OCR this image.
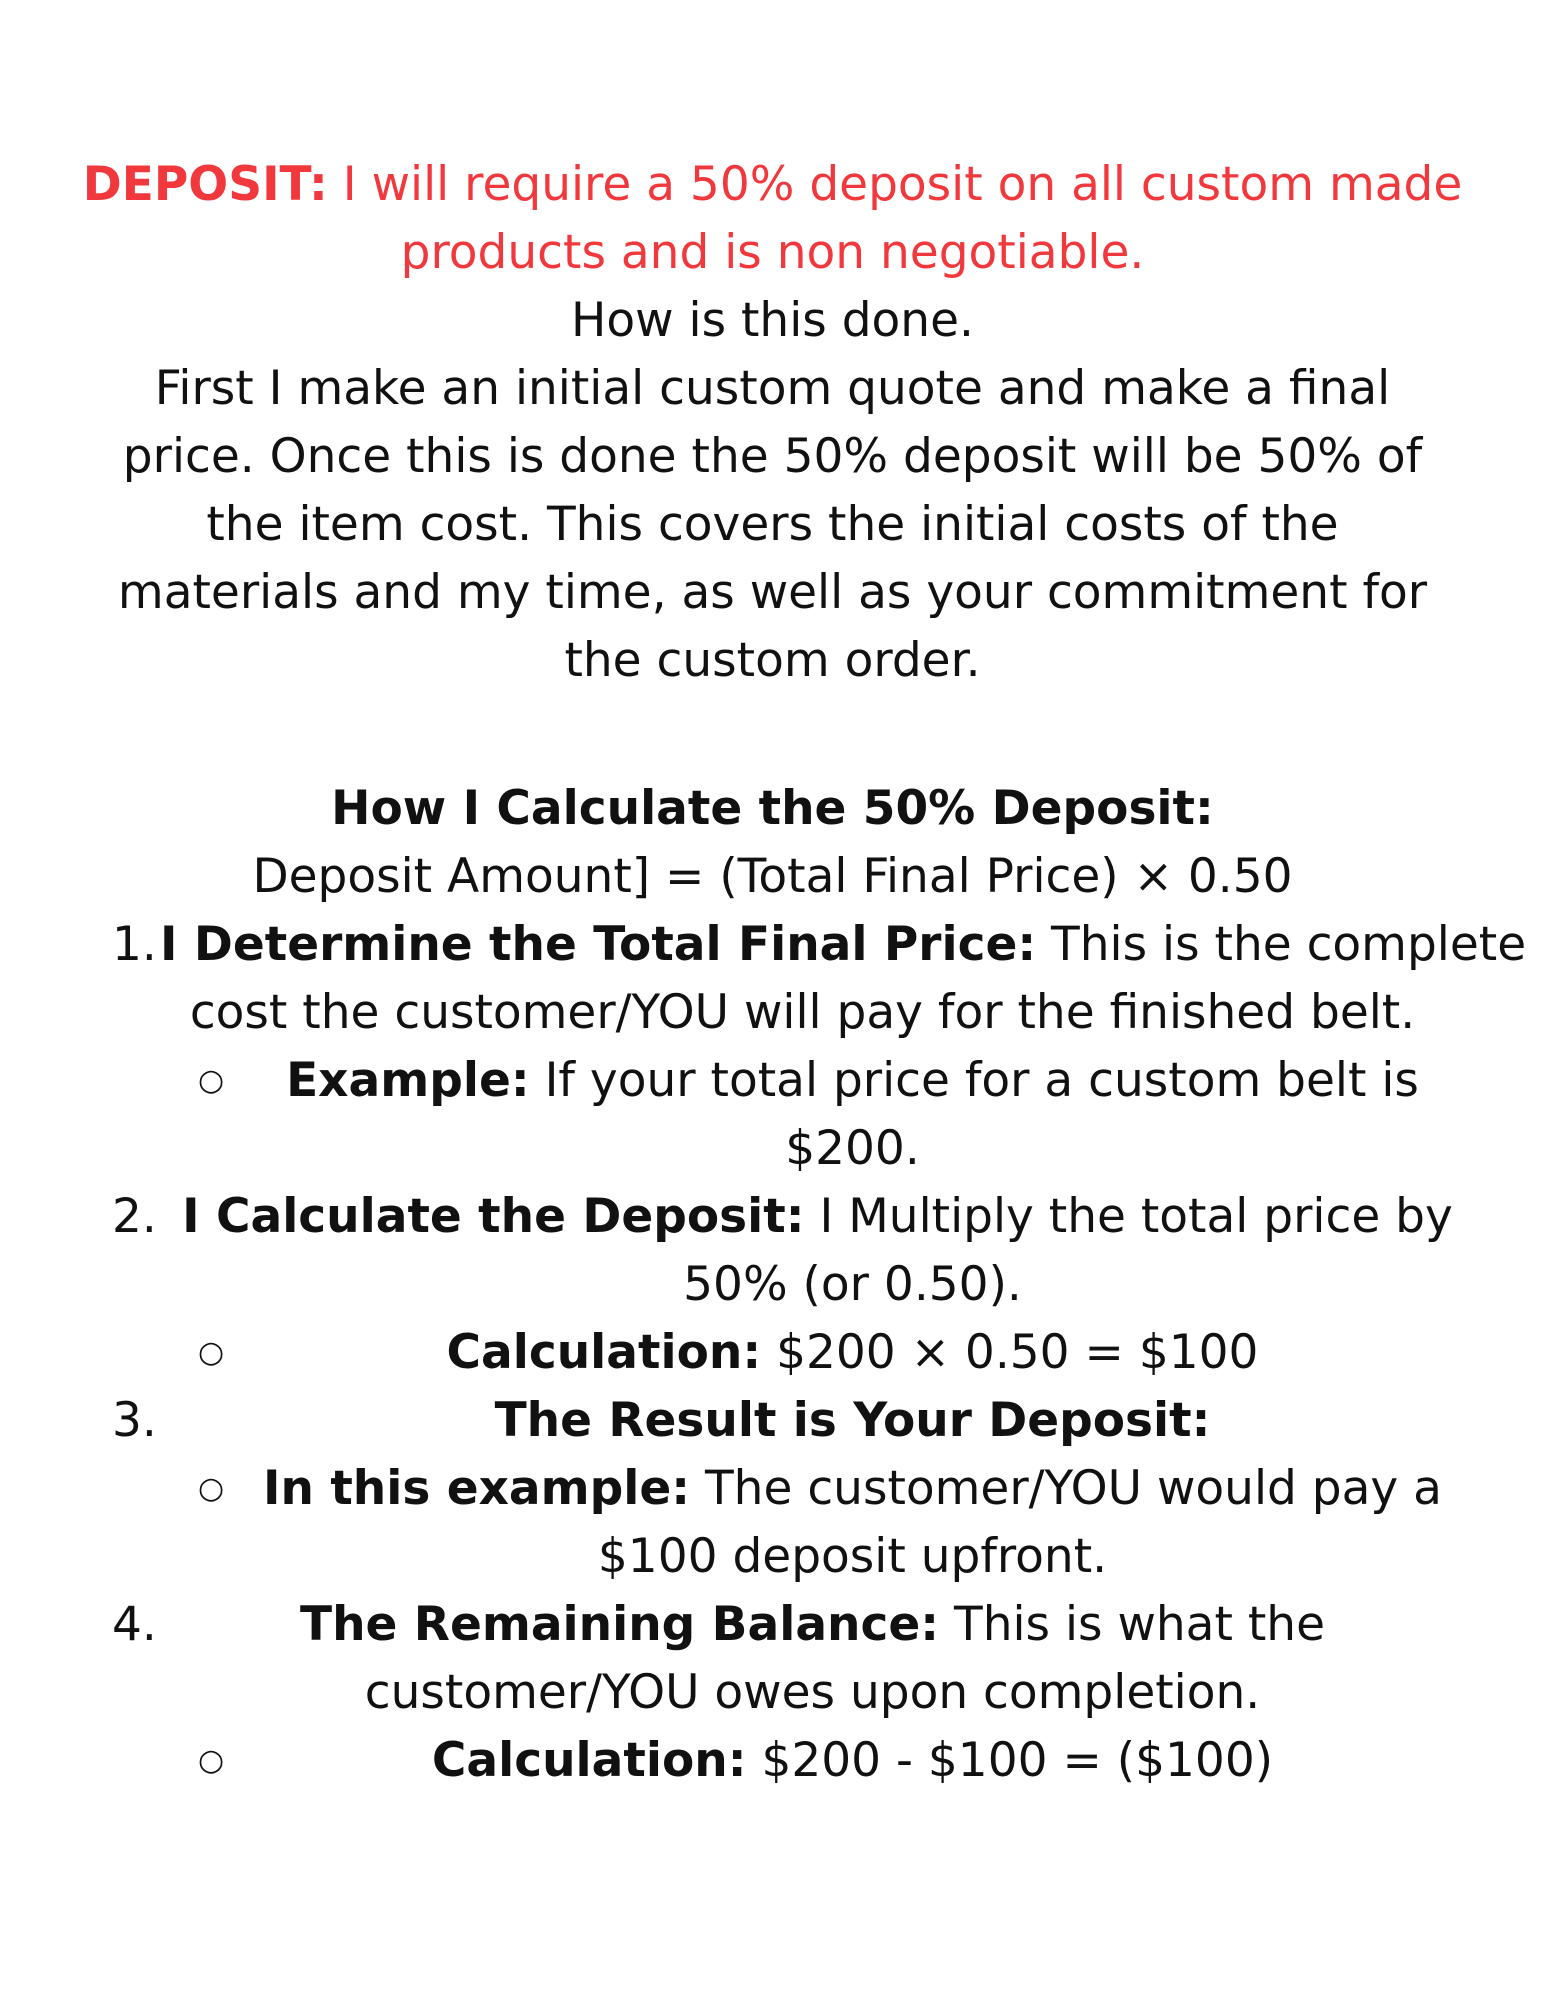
DEPOSIT: I will require a 50% deposit on all custom made
products and is non negotiable.
How is this done.
First I make an initial custom quote and make a final
price. Once this is done the 50% deposit will be 50% of
the item cost. This covers the initial costs of the
materials and my time, as well as your commitment for
the custom order.
How I Calculate the 50% Deposit:
Deposit Amount] = (Total Final Price) × 0.50
1. I Determine the Total Final Price: This is the complete
cost the customer/YOU will pay for the finished belt.
○	Example: If your total price for a custom belt is
$200.
2. I Calculate the Deposit: I Multiply the total price by
50% (or 0.50).
○	Calculation: $200 × 0.50 = $100
3.	The Result is Your Deposit:
○ In this example: The customer/YOU would pay a
$100 deposit upfront.
4.	The Remaining Balance: This is what the
customer/YOU owes upon completion.
○	Calculation: $200 - $100 = ($100)
